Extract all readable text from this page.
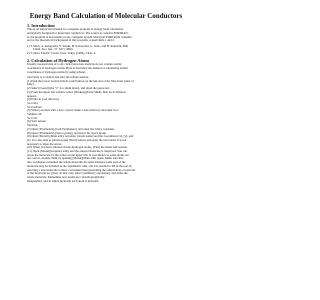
Energy Band Calculation of Molecular Conductors
1. Introduction
This is an instruction manual for computer program of energy band calculation
particularly designed for molecular conductors. The source is coded in FORTRAN,
so the program is executable on any computer system which has FORTRAN compiler.
As for the theoretical background of this program, consult Refs.1 and 2.
1) T. Mori, A. Kobayashi, Y. Sasaki, H. Kobayashi, G. Saito, and H. Inokuchi, Bull
Chem. Soc. Jpn., 57, 627 (1984).
2) T. Mori, Electric Circle, Univ. Tokyo (1983), Chap. 4.
2. Calculation of Hydrogen Atoms
Usually reported data of x-ray crystal structure analysis do not contain atomic
coordinates of hydrogen atoms. Here is described the method of calculating atomic
coordinates of hydrogen atoms by using teXsan.
Start Indy or Cobalt-6 and start the teXsan session.
(1) Push the power bottom (black round button on the left end of the blue front panel of
Indy).
(2) Select [Guest] (the "x" is a small letter), and input the password.
(3) From the upper left window select [Desktop][Unix Shell], then an X-Window
appears.
(4) Enter in your directory.
%cd dd1
%cd teXsan
(5) When you deal with a new crystal, make a new directory and enter in it.
%mkdir cdf
%cd cdf
(6) Start texsan.
%texsan
(7) Open [Parameters]-[Cell Parameters], and enter the lattice constants.
(8) Open [Parameters]-[Space group], and select the space group.
(9) Open [Model]-[Main edit], and enter [Atom name] and the coordinates [x], [y], and
[z]. It is also able to (obtain) push [Next] button, and enter the next atom. It is not
necessary to input the errors.
(10) When you have entered all non-hydrogen atoms, [Exit] the menu edit session.
(11) Open [Model][Graphics edit], and the entered molecule is displayed. You can
rotate the molecule by the scales on the upper left. If coordinates of some atoms are
not correct, modify them by opening [Model][Main edit] again. Make sure that
the coordinates contained the whole molecule. In some analyses some part of the
molecule may be included in the asymmetric unit, and it is needed to fill in the rest by
selecting a new molecule is more convenient than generating the other halves of one half
of the molecule are given. In that case, select [symmetry expansion], and make the
whole molecule. Remember new atoms are crystallographically
independent, and in which molecule each atom is included.
